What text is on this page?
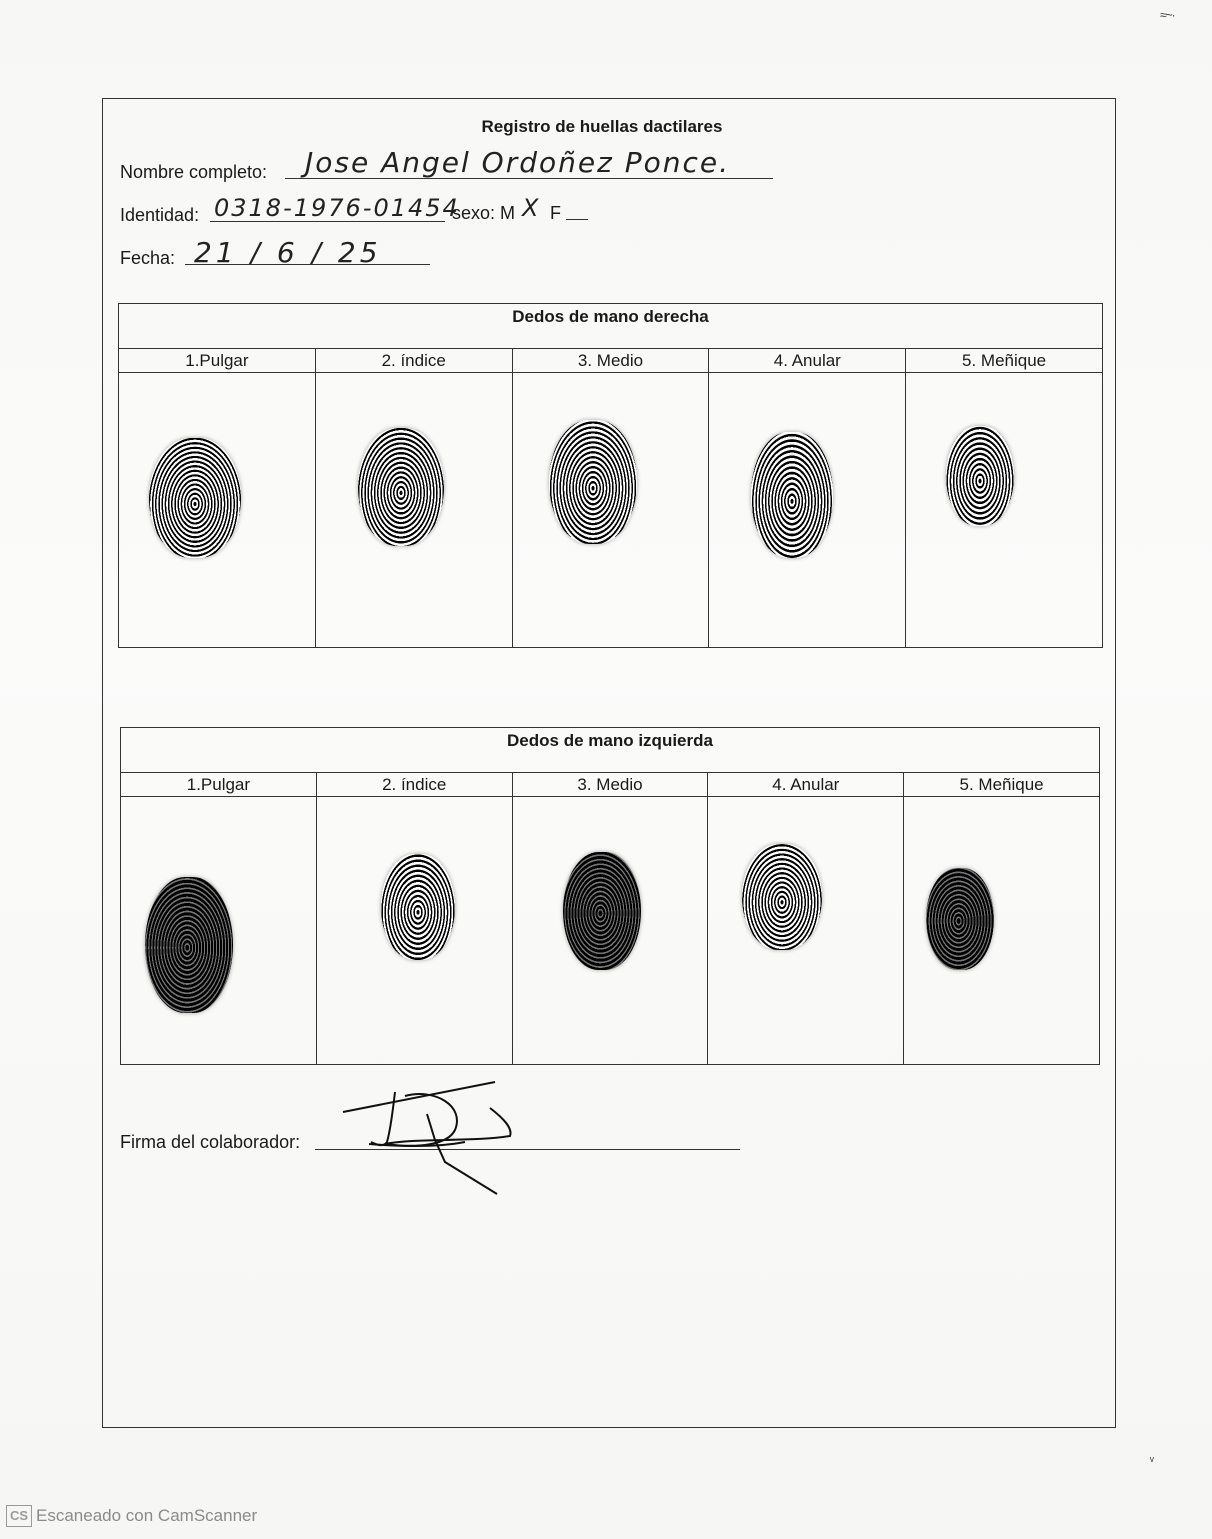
≈~·
Registro de huellas dactilares
Nombre completo: Jose Angel Ordoñez Ponce.
Identidad: 0318-1976-01454
sexo: M X F
Fecha: 21 / 6 / 25
Dedos de mano derecha
1.Pulgar	2. índice	3. Medio	4. Anular	5. Meñique
Dedos de mano izquierda
1.Pulgar	2. índice	3. Medio	4. Anular	5. Meñique
Firma del colaborador:
ᵥ
CS Escaneado con CamScanner
